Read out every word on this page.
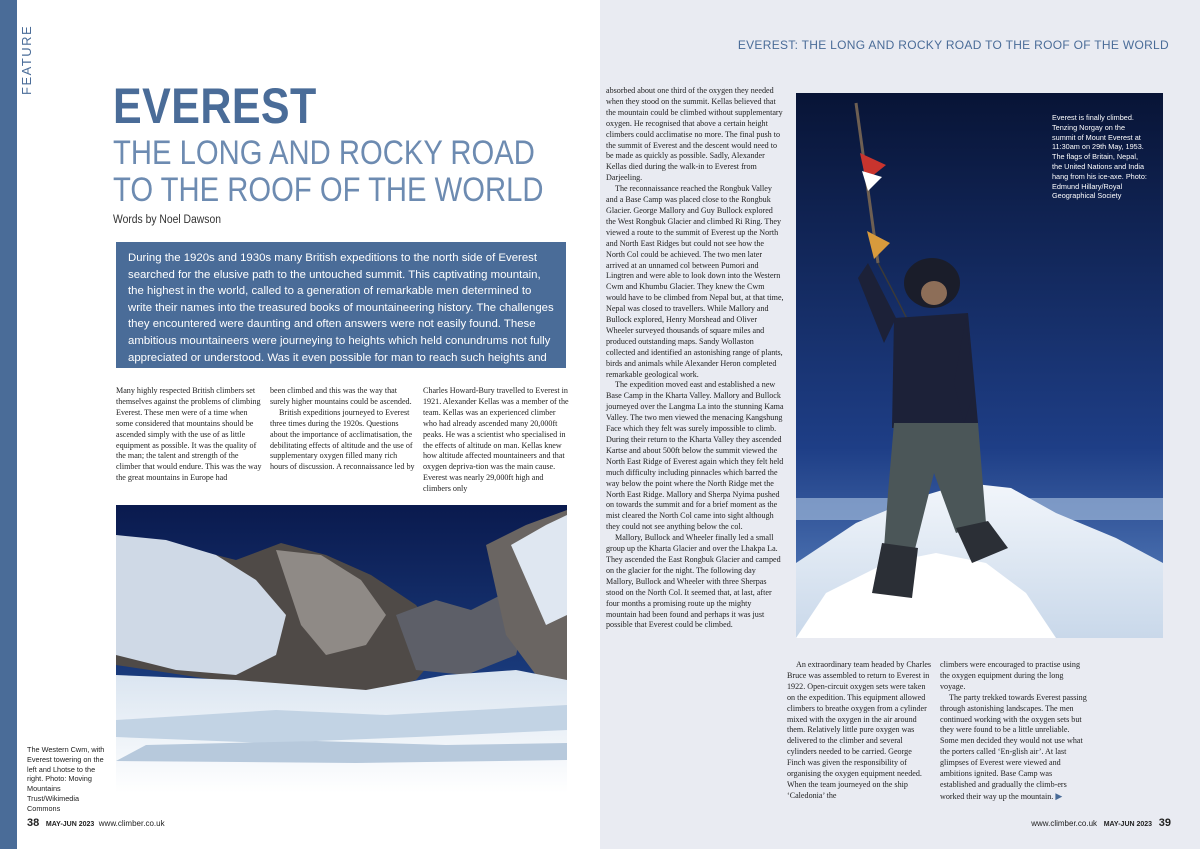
FEATURE
EVEREST
THE LONG AND ROCKY ROAD
TO THE ROOF OF THE WORLD
Words by Noel Dawson
During the 1920s and 1930s many British expeditions to the north side of Everest searched for the elusive path to the untouched summit. This captivating mountain, the highest in the world, called to a generation of remarkable men determined to write their names into the treasured books of mountaineering history. The challenges they encountered were daunting and often answers were not easily found. These ambitious mountaineers were journeying to heights which held conundrums not fully appreciated or understood. Was it even possible for man to reach such heights and survive?

Many highly respected British climbers set themselves against the problems of climbing Everest. These men were of a time when some considered that mountains should be ascended simply with the use of as little equipment as possible. It was the quality of the man; the talent and strength of the climber that would endure. This was the way the great mountains in Europe had

been climbed and this was the way that surely higher mountains could be ascended.

British expeditions journeyed to Everest three times during the 1920s. Questions about the importance of acclimatisation, the debilitating effects of altitude and the use of supplementary oxygen filled many rich hours of discussion. A reconnaissance led by

Charles Howard-Bury travelled to Everest in 1921. Alexander Kellas was a member of the team. Kellas was an experienced climber who had already ascended many 20,000ft peaks. He was a scientist who specialised in the effects of altitude on man. Kellas knew how altitude affected mountaineers and that oxygen depriva-tion was the main cause. Everest was nearly 29,000ft high and climbers only

The Western Cwm, with Everest towering on the left and Lhotse to the right. Photo: Moving Mountains Trust/Wikimedia Commons
38 MAY-JUN 2023 www.climber.co.uk
EVEREST: THE LONG AND ROCKY ROAD TO THE ROOF OF THE WORLD

absorbed about one third of the oxygen they needed when they stood on the summit. Kellas believed that the mountain could be climbed without supplementary oxygen. He recognised that above a certain height climbers could acclimatise no more. The final push to the summit of Everest and the descent would need to be made as quickly as possible. Sadly, Alexander Kellas died during the walk-in to Everest from Darjeeling.

The reconnaissance reached the Rongbuk Valley and a Base Camp was placed close to the Rongbuk Glacier. George Mallory and Guy Bullock explored the West Rongbuk Glacier and climbed Ri Ring. They viewed a route to the summit of Everest up the North and North East Ridges but could not see how the North Col could be achieved. The two men later arrived at an unnamed col between Pumori and Lingtren and were able to look down into the Western Cwm and Khumbu Glacier. They knew the Cwm would have to be climbed from Nepal but, at that time, Nepal was closed to travellers. While Mallory and Bullock explored, Henry Morshead and Oliver Wheeler surveyed thousands of square miles and produced outstanding maps. Sandy Wollaston collected and identified an astonishing range of plants, birds and animals while Alexander Heron completed remarkable geological work.

The expedition moved east and established a new Base Camp in the Kharta Valley. Mallory and Bullock journeyed over the Langma La into the stunning Kama Valley. The two men viewed the menacing Kangshung Face which they felt was surely impossible to climb. During their return to the Kharta Valley they ascended Kartse and about 500ft below the summit viewed the North East Ridge of Everest again which they felt held much difficulty including pinnacles which barred the way below the point where the North Ridge met the North East Ridge. Mallory and Sherpa Nyima pushed on towards the summit and for a brief moment as the mist cleared the North Col came into sight although they could not see anything below the col.

Mallory, Bullock and Wheeler finally led a small group up the Kharta Glacier and over the Lhakpa La. They ascended the East Rongbuk Glacier and camped on the glacier for the night. The following day Mallory, Bullock and Wheeler with three Sherpas stood on the North Col. It seemed that, at last, after four months a promising route up the mighty mountain had been found and perhaps it was just possible that Everest could be climbed.

Everest is finally climbed. Tenzing Norgay on the summit of Mount Everest at 11:30am on 29th May, 1953. The flags of Britain, Nepal, the United Nations and India hang from his ice-axe. Photo: Edmund Hillary/Royal Geographical Society

An extraordinary team headed by Charles Bruce was assembled to return to Everest in 1922. Open-circuit oxygen sets were taken on the expedition. This equipment allowed climbers to breathe oxygen from a cylinder mixed with the oxygen in the air around them. Relatively little pure oxygen was delivered to the climber and several cylinders needed to be carried. George Finch was given the responsibility of organising the oxygen equipment needed. When the team journeyed on the ship ‘Caledonia’ the

climbers were encouraged to practise using the oxygen equipment during the long voyage.

The party trekked towards Everest passing through astonishing landscapes. The men continued working with the oxygen sets but they were found to be a little unreliable. Some men decided they would not use what the porters called ‘En-glish air’. At last glimpses of Everest were viewed and ambitions ignited. Base Camp was established and gradually the climb-ers worked their way up the mountain. ▶

www.climber.co.uk MAY-JUN 2023 39
